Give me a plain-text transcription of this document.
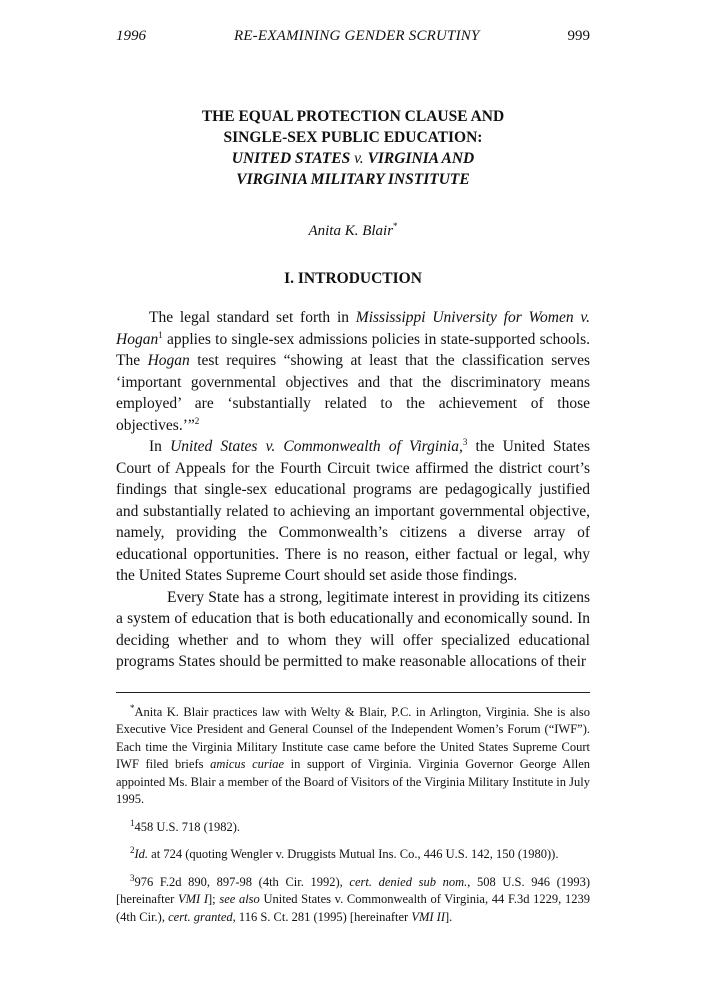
1996	RE-EXAMINING GENDER SCRUTINY	999
THE EQUAL PROTECTION CLAUSE AND
SINGLE-SEX PUBLIC EDUCATION:
UNITED STATES v. VIRGINIA AND
VIRGINIA MILITARY INSTITUTE
Anita K. Blair*
I. INTRODUCTION

The legal standard set forth in Mississippi University for Women v. Hogan$^1$ applies to single-sex admissions policies in state-supported schools. The Hogan test requires “showing at least that the classification serves ‘important governmental objectives and that the discriminatory means employed’ are ‘substantially related to the achievement of those objectives.’”$^2$

In United States v. Commonwealth of Virginia,$^3$ the United States Court of Appeals for the Fourth Circuit twice affirmed the district court’s findings that single-sex educational programs are pedagogically justified and substantially related to achieving an important governmental objective, namely, providing the Commonwealth’s citizens a diverse array of educational opportunities. There is no reason, either factual or legal, why the United States Supreme Court should set aside those findings.

Every State has a strong, legitimate interest in providing its citizens a system of education that is both educationally and economically sound. In deciding whether and to whom they will offer specialized educational programs States should be permitted to make reasonable allocations of their

*Anita K. Blair practices law with Welty & Blair, P.C. in Arlington, Virginia. She is also Executive Vice President and General Counsel of the Independent Women’s Forum (“IWF”). Each time the Virginia Military Institute case came before the United States Supreme Court IWF filed briefs amicus curiae in support of Virginia. Virginia Governor George Allen appointed Ms. Blair a member of the Board of Visitors of the Virginia Military Institute in July 1995.

$^1$458 U.S. 718 (1982).

$^2$Id. at 724 (quoting Wengler v. Druggists Mutual Ins. Co., 446 U.S. 142, 150 (1980)).

$^3$976 F.2d 890, 897-98 (4th Cir. 1992), cert. denied sub nom., 508 U.S. 946 (1993) [hereinafter VMI I]; see also United States v. Commonwealth of Virginia, 44 F.3d 1229, 1239 (4th Cir.), cert. granted, 116 S. Ct. 281 (1995) [hereinafter VMI II].
